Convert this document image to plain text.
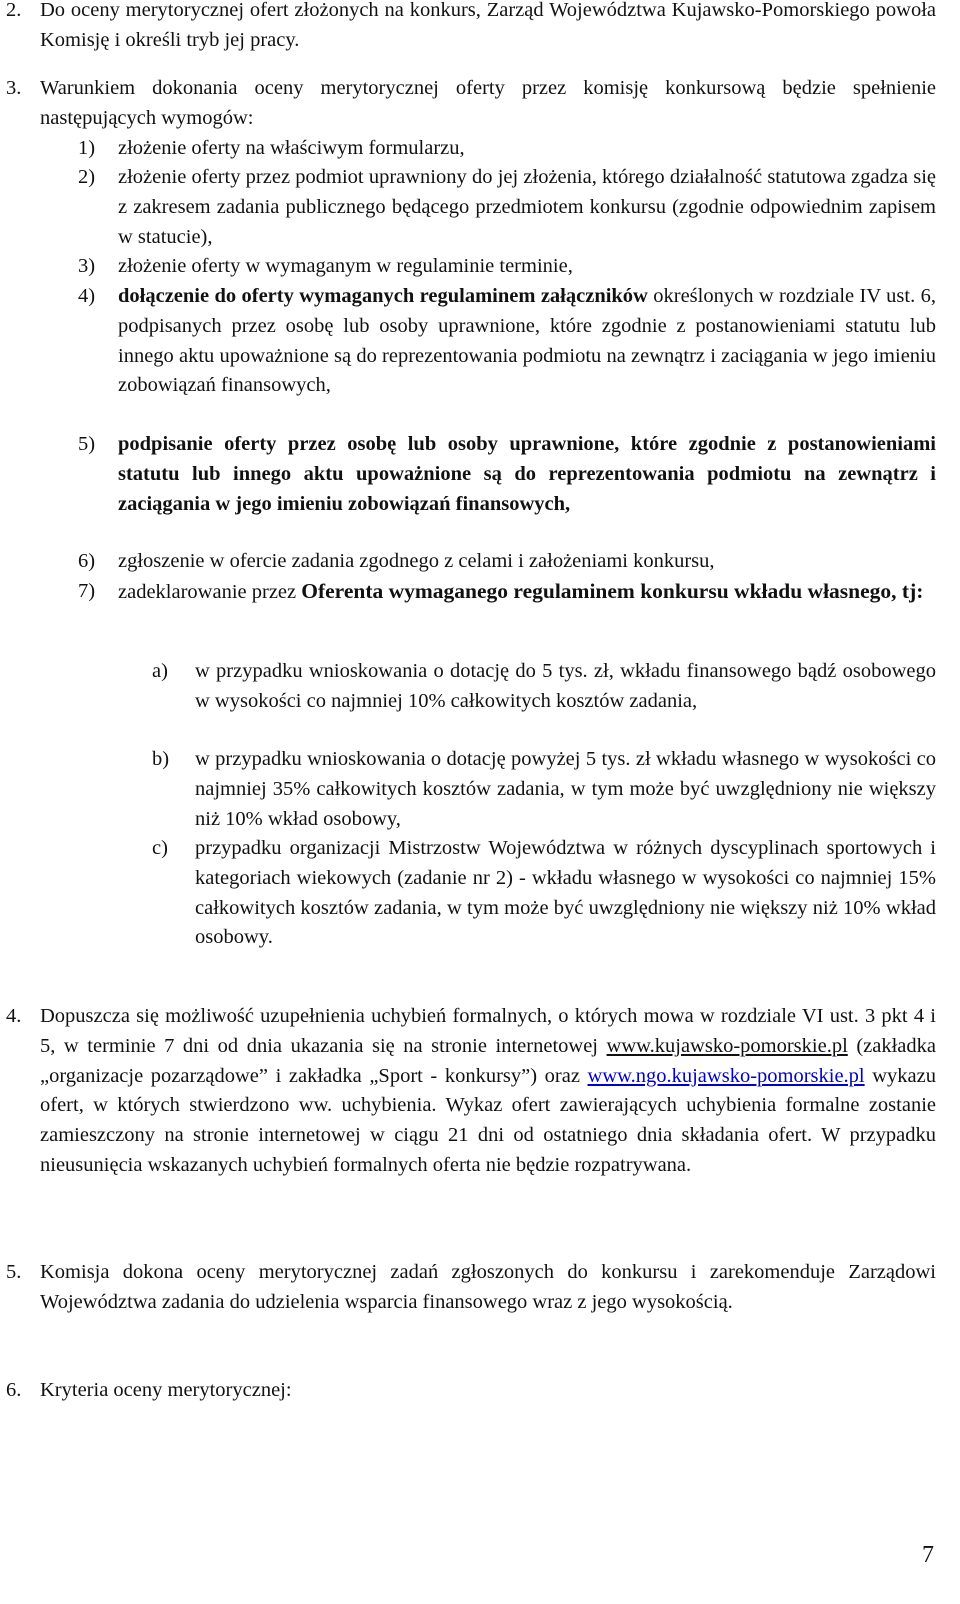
2. Do oceny merytorycznej ofert złożonych na konkurs, Zarząd Województwa Kujawsko-Pomorskiego powoła Komisję i określi tryb jej pracy.
3. Warunkiem dokonania oceny merytorycznej oferty przez komisję konkursową będzie spełnienie następujących wymogów:
1) złożenie oferty na właściwym formularzu,
2) złożenie oferty przez podmiot uprawniony do jej złożenia, którego działalność statutowa zgadza się z zakresem zadania publicznego będącego przedmiotem konkursu (zgodnie odpowiednim zapisem w statucie),
3) złożenie oferty w wymaganym w regulaminie terminie,
4) dołączenie do oferty wymaganych regulaminem załączników określonych w rozdziale IV ust. 6, podpisanych przez osobę lub osoby uprawnione, które zgodnie z postanowieniami statutu lub innego aktu upoważnione są do reprezentowania podmiotu na zewnątrz i zaciągania w jego imieniu zobowiązań finansowych,
5) podpisanie oferty przez osobę lub osoby uprawnione, które zgodnie z postanowieniami statutu lub innego aktu upoważnione są do reprezentowania podmiotu na zewnątrz i zaciągania w jego imieniu zobowiązań finansowych,
6) zgłoszenie w ofercie zadania zgodnego z celami i założeniami konkursu,
7) zadeklarowanie przez Oferenta wymaganego regulaminem konkursu wkładu własnego, tj:
a) w przypadku wnioskowania o dotację do 5 tys. zł, wkładu finansowego bądź osobowego w wysokości co najmniej 10% całkowitych kosztów zadania,
b) w przypadku wnioskowania o dotację powyżej 5 tys. zł wkładu własnego w wysokości co najmniej 35% całkowitych kosztów zadania, w tym może być uwzględniony nie większy niż 10% wkład osobowy,
c) przypadku organizacji Mistrzostw Województwa w różnych dyscyplinach sportowych i kategoriach wiekowych (zadanie nr 2) - wkładu własnego w wysokości co najmniej 15% całkowitych kosztów zadania, w tym może być uwzględniony nie większy niż 10% wkład osobowy.
4. Dopuszcza się możliwość uzupełnienia uchybień formalnych, o których mowa w rozdziale VI ust. 3 pkt 4 i 5, w terminie 7 dni od dnia ukazania się na stronie internetowej www.kujawsko-pomorskie.pl (zakładka „organizacje pozarządowe” i zakładka „Sport - konkursy”) oraz www.ngo.kujawsko-pomorskie.pl wykazu ofert, w których stwierdzono ww. uchybienia. Wykaz ofert zawierających uchybienia formalne zostanie zamieszczony na stronie internetowej w ciągu 21 dni od ostatniego dnia składania ofert. W przypadku nieusunięcia wskazanych uchybień formalnych oferta nie będzie rozpatrywana.
5. Komisja dokona oceny merytorycznej zadań zgłoszonych do konkursu i zarekomenduje Zarządowi Województwa zadania do udzielenia wsparcia finansowego wraz z jego wysokością.
6. Kryteria oceny merytorycznej:
7
